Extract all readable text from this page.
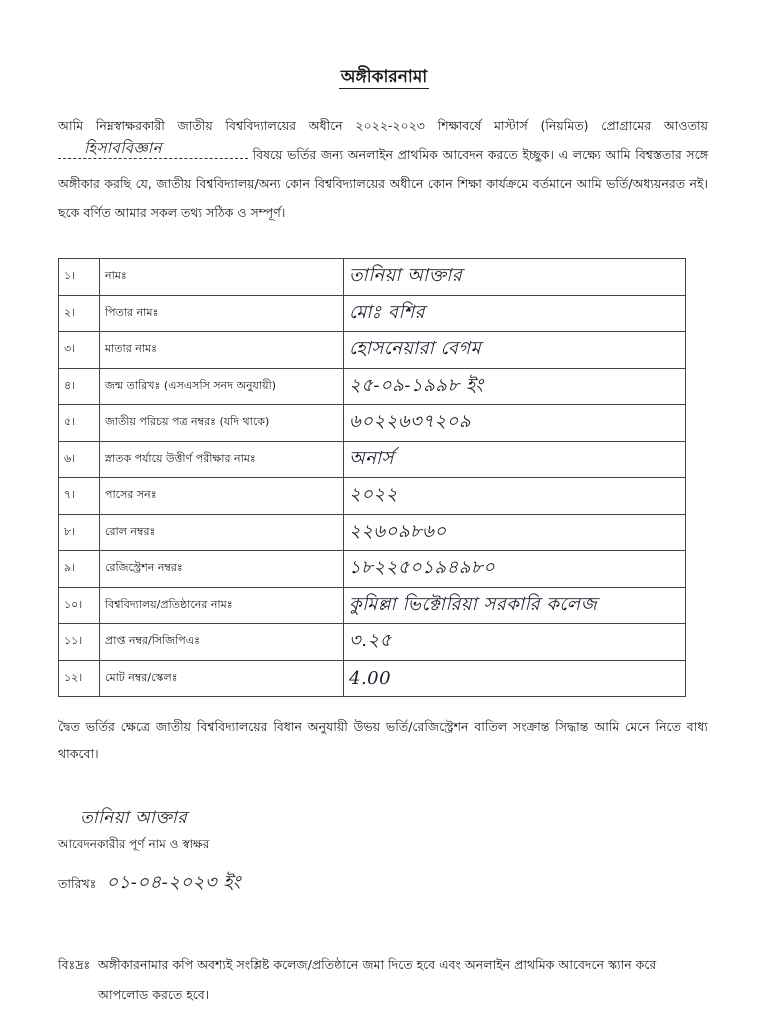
অঙ্গীকারনামা
আমি নিম্নস্বাক্ষরকারী জাতীয় বিশ্ববিদ্যালয়ের অধীনে ২০২২-২০২৩ শিক্ষাবর্ষে মাস্টার্স (নিয়মিত) প্রোগ্রামের আওতায়
হিসাববিজ্ঞান	বিষয়ে ভর্তির জন্য অনলাইন প্রাথমিক আবেদন করতে ইচ্ছুক। এ লক্ষ্যে আমি বিশ্বস্ততার সঙ্গে অঙ্গীকার করছি যে, জাতীয় বিশ্ববিদ্যালয়/অন্য কোন বিশ্ববিদ্যালয়ের অধীনে কোন শিক্ষা কার্যক্রমে বর্তমানে আমি ভর্তি/অধ্যয়নরত নই। ছকে বর্ণিত আমার সকল তথ্য সঠিক ও সম্পূর্ণ।
১।	নামঃ	তানিয়া আক্তার
২।	পিতার নামঃ	মোঃ বশির
৩।	মাতার নামঃ	হোসনেয়ারা বেগম
৪।	জন্ম তারিখঃ (এসএসসি সনদ অনুযায়ী)	২৫-০৯-১৯৯৮ ইং
৫।	জাতীয় পরিচয় পত্র নম্বরঃ (যদি থাকে)	৬০২২৬৩৭২০৯
৬।	স্নাতক পর্যায়ে উত্তীর্ণ পরীক্ষার নামঃ	অনার্স
৭।	পাসের সনঃ	২০২২
৮।	রোল নম্বরঃ	২২৬০৯৮৬০
৯।	রেজিস্ট্রেশন নম্বরঃ	১৮২২৫০১৯৪৯৮০
১০।	বিশ্ববিদ্যালয়/প্রতিষ্ঠানের নামঃ	কুমিল্লা ভিক্টোরিয়া সরকারি কলেজ
১১।	প্রাপ্ত নম্বর/সিজিপিএঃ	৩.২৫
১২।	মোট নম্বর/স্কেলঃ	4.00
দ্বৈত ভর্তির ক্ষেত্রে জাতীয় বিশ্ববিদ্যালয়ের বিধান অনুযায়ী উভয় ভর্তি/রেজিস্ট্রেশন বাতিল সংক্রান্ত সিদ্ধান্ত আমি মেনে নিতে বাধ্য থাকবো।
তানিয়া আক্তার
আবেদনকারীর পূর্ণ নাম ও স্বাক্ষর
তারিখঃ ০১-০৪-২০২৩ ইং
বিঃদ্রঃ অঙ্গীকারনামার কপি অবশ্যই সংশ্লিষ্ট কলেজ/প্রতিষ্ঠানে জমা দিতে হবে এবং অনলাইন প্রাথমিক আবেদনে স্ক্যান করে আপলোড করতে হবে।
